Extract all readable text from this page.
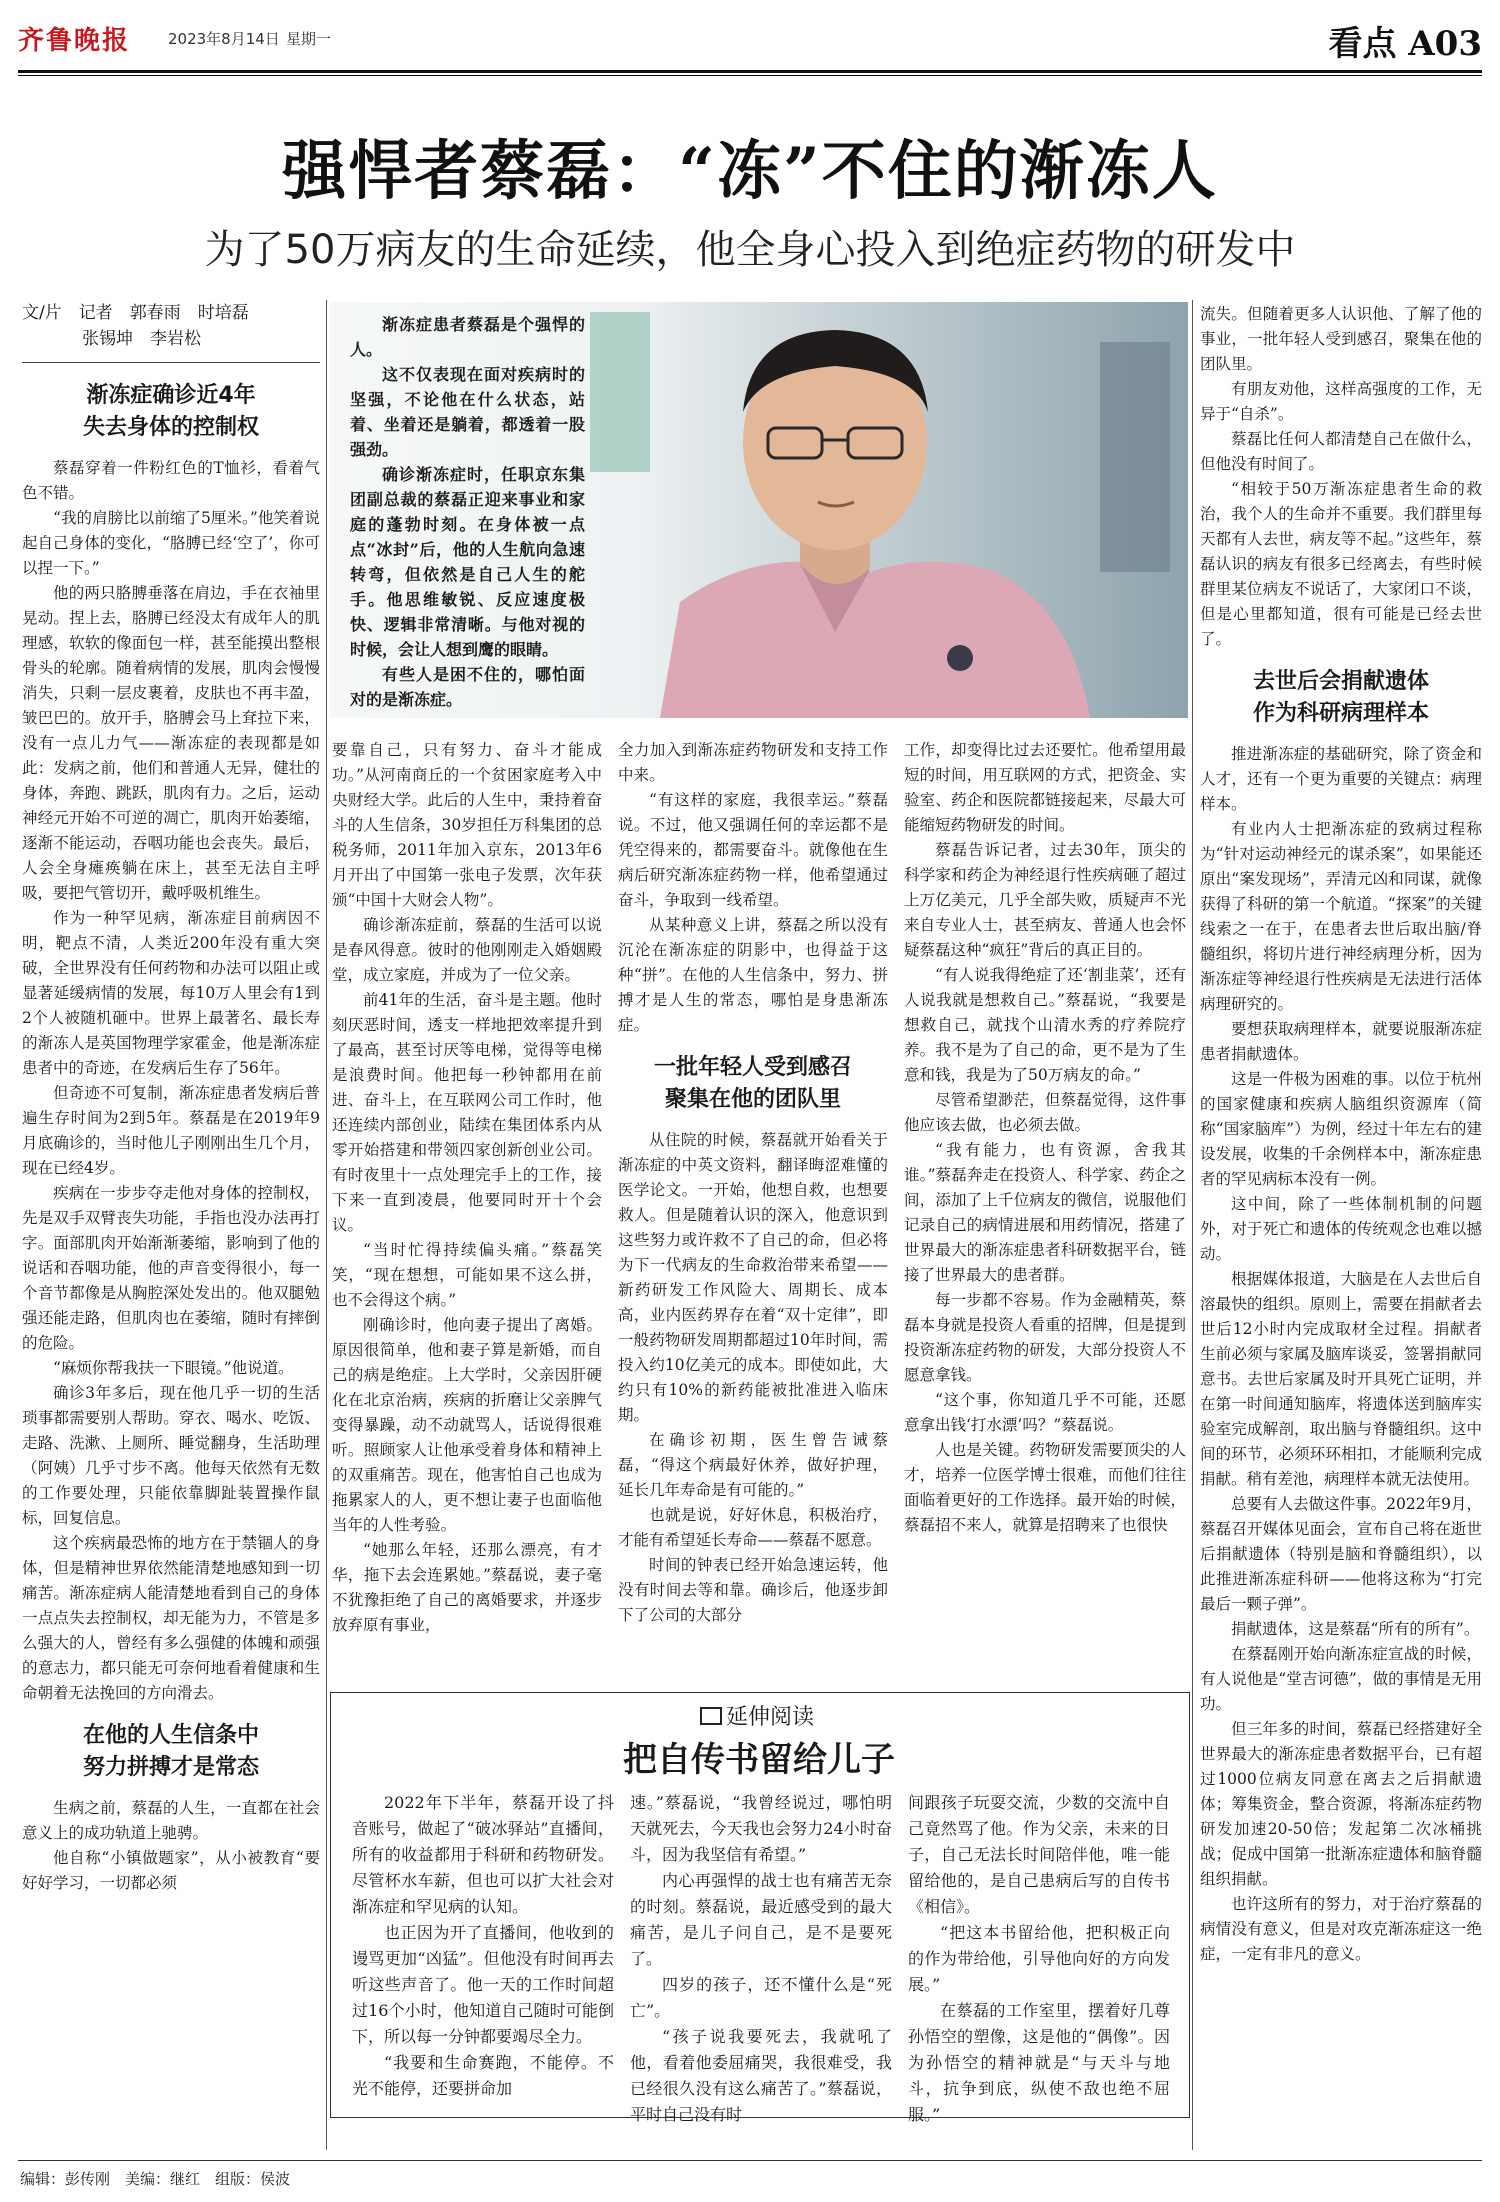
齐鲁晚报	2023年8月14日 星期一	看点 A03
强悍者蔡磊：“冻”不住的渐冻人
为了50万病友的生命延续，他全身心投入到绝症药物的研发中
文/片　记者　郭春雨　时培磊
张锡坤　李岩松

渐冻症患者蔡磊是个强悍的人。

这不仅表现在面对疾病时的坚强，不论他在什么状态，站着、坐着还是躺着，都透着一股强劲。

确诊渐冻症时，任职京东集团副总裁的蔡磊正迎来事业和家庭的蓬勃时刻。在身体被一点点“冰封”后，他的人生航向急速转弯，但依然是自己人生的舵手。他思维敏锐、反应速度极快、逻辑非常清晰。与他对视的时候，会让人想到鹰的眼睛。

有些人是困不住的，哪怕面对的是渐冻症。

渐冻症确诊近4年
失去身体的控制权

蔡磊穿着一件粉红色的T恤衫，看着气色不错。

“我的肩膀比以前缩了5厘米。”他笑着说起自己身体的变化，“胳膊已经‘空了’，你可以捏一下。”

他的两只胳膊垂落在肩边，手在衣袖里晃动。捏上去，胳膊已经没太有成年人的肌理感，软软的像面包一样，甚至能摸出整根骨头的轮廓。随着病情的发展，肌肉会慢慢消失，只剩一层皮裹着，皮肤也不再丰盈，皱巴巴的。放开手，胳膊会马上耷拉下来，没有一点儿力气——渐冻症的表现都是如此：发病之前，他们和普通人无异，健壮的身体，奔跑、跳跃，肌肉有力。之后，运动神经元开始不可逆的凋亡，肌肉开始萎缩，逐渐不能运动，吞咽功能也会丧失。最后，人会全身瘫痪躺在床上，甚至无法自主呼吸，要把气管切开，戴呼吸机维生。

作为一种罕见病，渐冻症目前病因不明，靶点不清，人类近200年没有重大突破，全世界没有任何药物和办法可以阻止或显著延缓病情的发展，每10万人里会有1到2个人被随机砸中。世界上最著名、最长寿的渐冻人是英国物理学家霍金，他是渐冻症患者中的奇迹，在发病后生存了56年。

但奇迹不可复制，渐冻症患者发病后普遍生存时间为2到5年。蔡磊是在2019年9月底确诊的，当时他儿子刚刚出生几个月，现在已经4岁。

疾病在一步步夺走他对身体的控制权，先是双手双臂丧失功能，手指也没办法再打字。面部肌肉开始渐渐萎缩，影响到了他的说话和吞咽功能，他的声音变得很小，每一个音节都像是从胸腔深处发出的。他双腿勉强还能走路，但肌肉也在萎缩，随时有摔倒的危险。

“麻烦你帮我扶一下眼镜。”他说道。

确诊3年多后，现在他几乎一切的生活琐事都需要别人帮助。穿衣、喝水、吃饭、走路、洗漱、上厕所、睡觉翻身，生活助理（阿姨）几乎寸步不离。他每天依然有无数的工作要处理，只能依靠脚趾装置操作鼠标，回复信息。

这个疾病最恐怖的地方在于禁锢人的身体，但是精神世界依然能清楚地感知到一切痛苦。渐冻症病人能清楚地看到自己的身体一点点失去控制权，却无能为力，不管是多么强大的人，曾经有多么强健的体魄和顽强的意志力，都只能无可奈何地看着健康和生命朝着无法挽回的方向滑去。

在他的人生信条中
努力拼搏才是常态

生病之前，蔡磊的人生，一直都在社会意义上的成功轨道上驰骋。

他自称“小镇做题家”，从小被教育“要好好学习，一切都必须

要靠自己，只有努力、奋斗才能成功。”从河南商丘的一个贫困家庭考入中央财经大学。此后的人生中，秉持着奋斗的人生信条，30岁担任万科集团的总税务师，2011年加入京东，2013年6月开出了中国第一张电子发票，次年获颁“中国十大财会人物”。

确诊渐冻症前，蔡磊的生活可以说是春风得意。彼时的他刚刚走入婚姻殿堂，成立家庭，并成为了一位父亲。

前41年的生活，奋斗是主题。他时刻厌恶时间，透支一样地把效率提升到了最高，甚至讨厌等电梯，觉得等电梯是浪费时间。他把每一秒钟都用在前进、奋斗上，在互联网公司工作时，他还连续内部创业，陆续在集团体系内从零开始搭建和带领四家创新创业公司。有时夜里十一点处理完手上的工作，接下来一直到凌晨，他要同时开十个会议。

“当时忙得持续偏头痛。”蔡磊笑笑，“现在想想，可能如果不这么拼，也不会得这个病。”

刚确诊时，他向妻子提出了离婚。原因很简单，他和妻子算是新婚，而自己的病是绝症。上大学时，父亲因肝硬化在北京治病，疾病的折磨让父亲脾气变得暴躁，动不动就骂人，话说得很难听。照顾家人让他承受着身体和精神上的双重痛苦。现在，他害怕自己也成为拖累家人的人，更不想让妻子也面临他当年的人性考验。

“她那么年轻，还那么漂亮，有才华，拖下去会连累她。”蔡磊说，妻子毫不犹豫拒绝了自己的离婚要求，并逐步放弃原有事业，

全力加入到渐冻症药物研发和支持工作中来。

“有这样的家庭，我很幸运。”蔡磊说。不过，他又强调任何的幸运都不是凭空得来的，都需要奋斗。就像他在生病后研究渐冻症药物一样，他希望通过奋斗，争取到一线希望。

从某种意义上讲，蔡磊之所以没有沉沦在渐冻症的阴影中，也得益于这种“拼”。在他的人生信条中，努力、拼搏才是人生的常态，哪怕是身患渐冻症。

一批年轻人受到感召
聚集在他的团队里

从住院的时候，蔡磊就开始看关于渐冻症的中英文资料，翻译晦涩难懂的医学论文。一开始，他想自救，也想要救人。但是随着认识的深入，他意识到这些努力或许救不了自己的命，但必将为下一代病友的生命救治带来希望——新药研发工作风险大、周期长、成本高，业内医药界存在着“双十定律”，即一般药物研发周期都超过10年时间，需投入约10亿美元的成本。即使如此，大约只有10%的新药能被批准进入临床期。

在确诊初期，医生曾告诫蔡磊，“得这个病最好休养，做好护理，延长几年寿命是有可能的。”

也就是说，好好休息，积极治疗，才能有希望延长寿命——蔡磊不愿意。

时间的钟表已经开始急速运转，他没有时间去等和靠。确诊后，他逐步卸下了公司的大部分

工作，却变得比过去还要忙。他希望用最短的时间，用互联网的方式，把资金、实验室、药企和医院都链接起来，尽最大可能缩短药物研发的时间。

蔡磊告诉记者，过去30年，顶尖的科学家和药企为神经退行性疾病砸了超过上万亿美元，几乎全部失败，质疑声不光来自专业人士，甚至病友、普通人也会怀疑蔡磊这种“疯狂”背后的真正目的。

“有人说我得绝症了还‘割韭菜’，还有人说我就是想救自己。”蔡磊说，“我要是想救自己，就找个山清水秀的疗养院疗养。我不是为了自己的命，更不是为了生意和钱，我是为了50万病友的命。”

尽管希望渺茫，但蔡磊觉得，这件事他应该去做，也必须去做。

“我有能力，也有资源，舍我其谁。”蔡磊奔走在投资人、科学家、药企之间，添加了上千位病友的微信，说服他们记录自己的病情进展和用药情况，搭建了世界最大的渐冻症患者科研数据平台，链接了世界最大的患者群。

每一步都不容易。作为金融精英，蔡磊本身就是投资人看重的招牌，但是提到投资渐冻症药物的研发，大部分投资人不愿意拿钱。

“这个事，你知道几乎不可能，还愿意拿出钱‘打水漂’吗？”蔡磊说。

人也是关键。药物研发需要顶尖的人才，培养一位医学博士很难，而他们往往面临着更好的工作选择。最开始的时候，蔡磊招不来人，就算是招聘来了也很快

流失。但随着更多人认识他、了解了他的事业，一批年轻人受到感召，聚集在他的团队里。

有朋友劝他，这样高强度的工作，无异于“自杀”。

蔡磊比任何人都清楚自己在做什么，但他没有时间了。

“相较于50万渐冻症患者生命的救治，我个人的生命并不重要。我们群里每天都有人去世，病友等不起。”这些年，蔡磊认识的病友有很多已经离去，有些时候群里某位病友不说话了，大家闭口不谈，但是心里都知道，很有可能是已经去世了。

去世后会捐献遗体
作为科研病理样本

推进渐冻症的基础研究，除了资金和人才，还有一个更为重要的关键点：病理样本。

有业内人士把渐冻症的致病过程称为“针对运动神经元的谋杀案”，如果能还原出“案发现场”，弄清元凶和同谋，就像获得了科研的第一个航道。“探案”的关键线索之一在于，在患者去世后取出脑/脊髓组织，将切片进行神经病理分析，因为渐冻症等神经退行性疾病是无法进行活体病理研究的。

要想获取病理样本，就要说服渐冻症患者捐献遗体。

这是一件极为困难的事。以位于杭州的国家健康和疾病人脑组织资源库（简称“国家脑库”）为例，经过十年左右的建设发展，收集的千余例样本中，渐冻症患者的罕见病标本没有一例。

这中间，除了一些体制机制的问题外，对于死亡和遗体的传统观念也难以撼动。

根据媒体报道，大脑是在人去世后自溶最快的组织。原则上，需要在捐献者去世后12小时内完成取材全过程。捐献者生前必须与家属及脑库谈妥，签署捐献同意书。去世后家属及时开具死亡证明，并在第一时间通知脑库，将遗体送到脑库实验室完成解剖，取出脑与脊髓组织。这中间的环节，必须环环相扣，才能顺利完成捐献。稍有差池，病理样本就无法使用。

总要有人去做这件事。2022年9月，蔡磊召开媒体见面会，宣布自己将在逝世后捐献遗体（特别是脑和脊髓组织），以此推进渐冻症科研——他将这称为“打完最后一颗子弹”。

捐献遗体，这是蔡磊“所有的所有”。

在蔡磊刚开始向渐冻症宣战的时候，有人说他是“堂吉诃德”，做的事情是无用功。

但三年多的时间，蔡磊已经搭建好全世界最大的渐冻症患者数据平台，已有超过1000位病友同意在离去之后捐献遗体；筹集资金，整合资源，将渐冻症药物研发加速20-50倍；发起第二次冰桶挑战；促成中国第一批渐冻症遗体和脑脊髓组织捐献。

也许这所有的努力，对于治疗蔡磊的病情没有意义，但是对攻克渐冻症这一绝症，一定有非凡的意义。

延伸阅读
把自传书留给儿子

2022年下半年，蔡磊开设了抖音账号，做起了“破冰驿站”直播间，所有的收益都用于科研和药物研发。尽管杯水车薪，但也可以扩大社会对渐冻症和罕见病的认知。

也正因为开了直播间，他收到的谩骂更加“凶猛”。但他没有时间再去听这些声音了。他一天的工作时间超过16个小时，他知道自己随时可能倒下，所以每一分钟都要竭尽全力。

“我要和生命赛跑，不能停。不光不能停，还要拼命加

速。”蔡磊说，“我曾经说过，哪怕明天就死去，今天我也会努力24小时奋斗，因为我坚信有希望。”

内心再强悍的战士也有痛苦无奈的时刻。蔡磊说，最近感受到的最大痛苦，是儿子问自己，是不是要死了。

四岁的孩子，还不懂什么是“死亡”。

“孩子说我要死去，我就吼了他，看着他委屈痛哭，我很难受，我已经很久没有这么痛苦了。”蔡磊说，平时自己没有时

间跟孩子玩耍交流，少数的交流中自己竟然骂了他。作为父亲，未来的日子，自己无法长时间陪伴他，唯一能留给他的，是自己患病后写的自传书《相信》。

“把这本书留给他，把积极正向的作为带给他，引导他向好的方向发展。”

在蔡磊的工作室里，摆着好几尊孙悟空的塑像，这是他的“偶像”。因为孙悟空的精神就是“与天斗与地斗，抗争到底，纵使不敌也绝不屈服。”

编辑：彭传刚　美编：继红　组版：侯波
